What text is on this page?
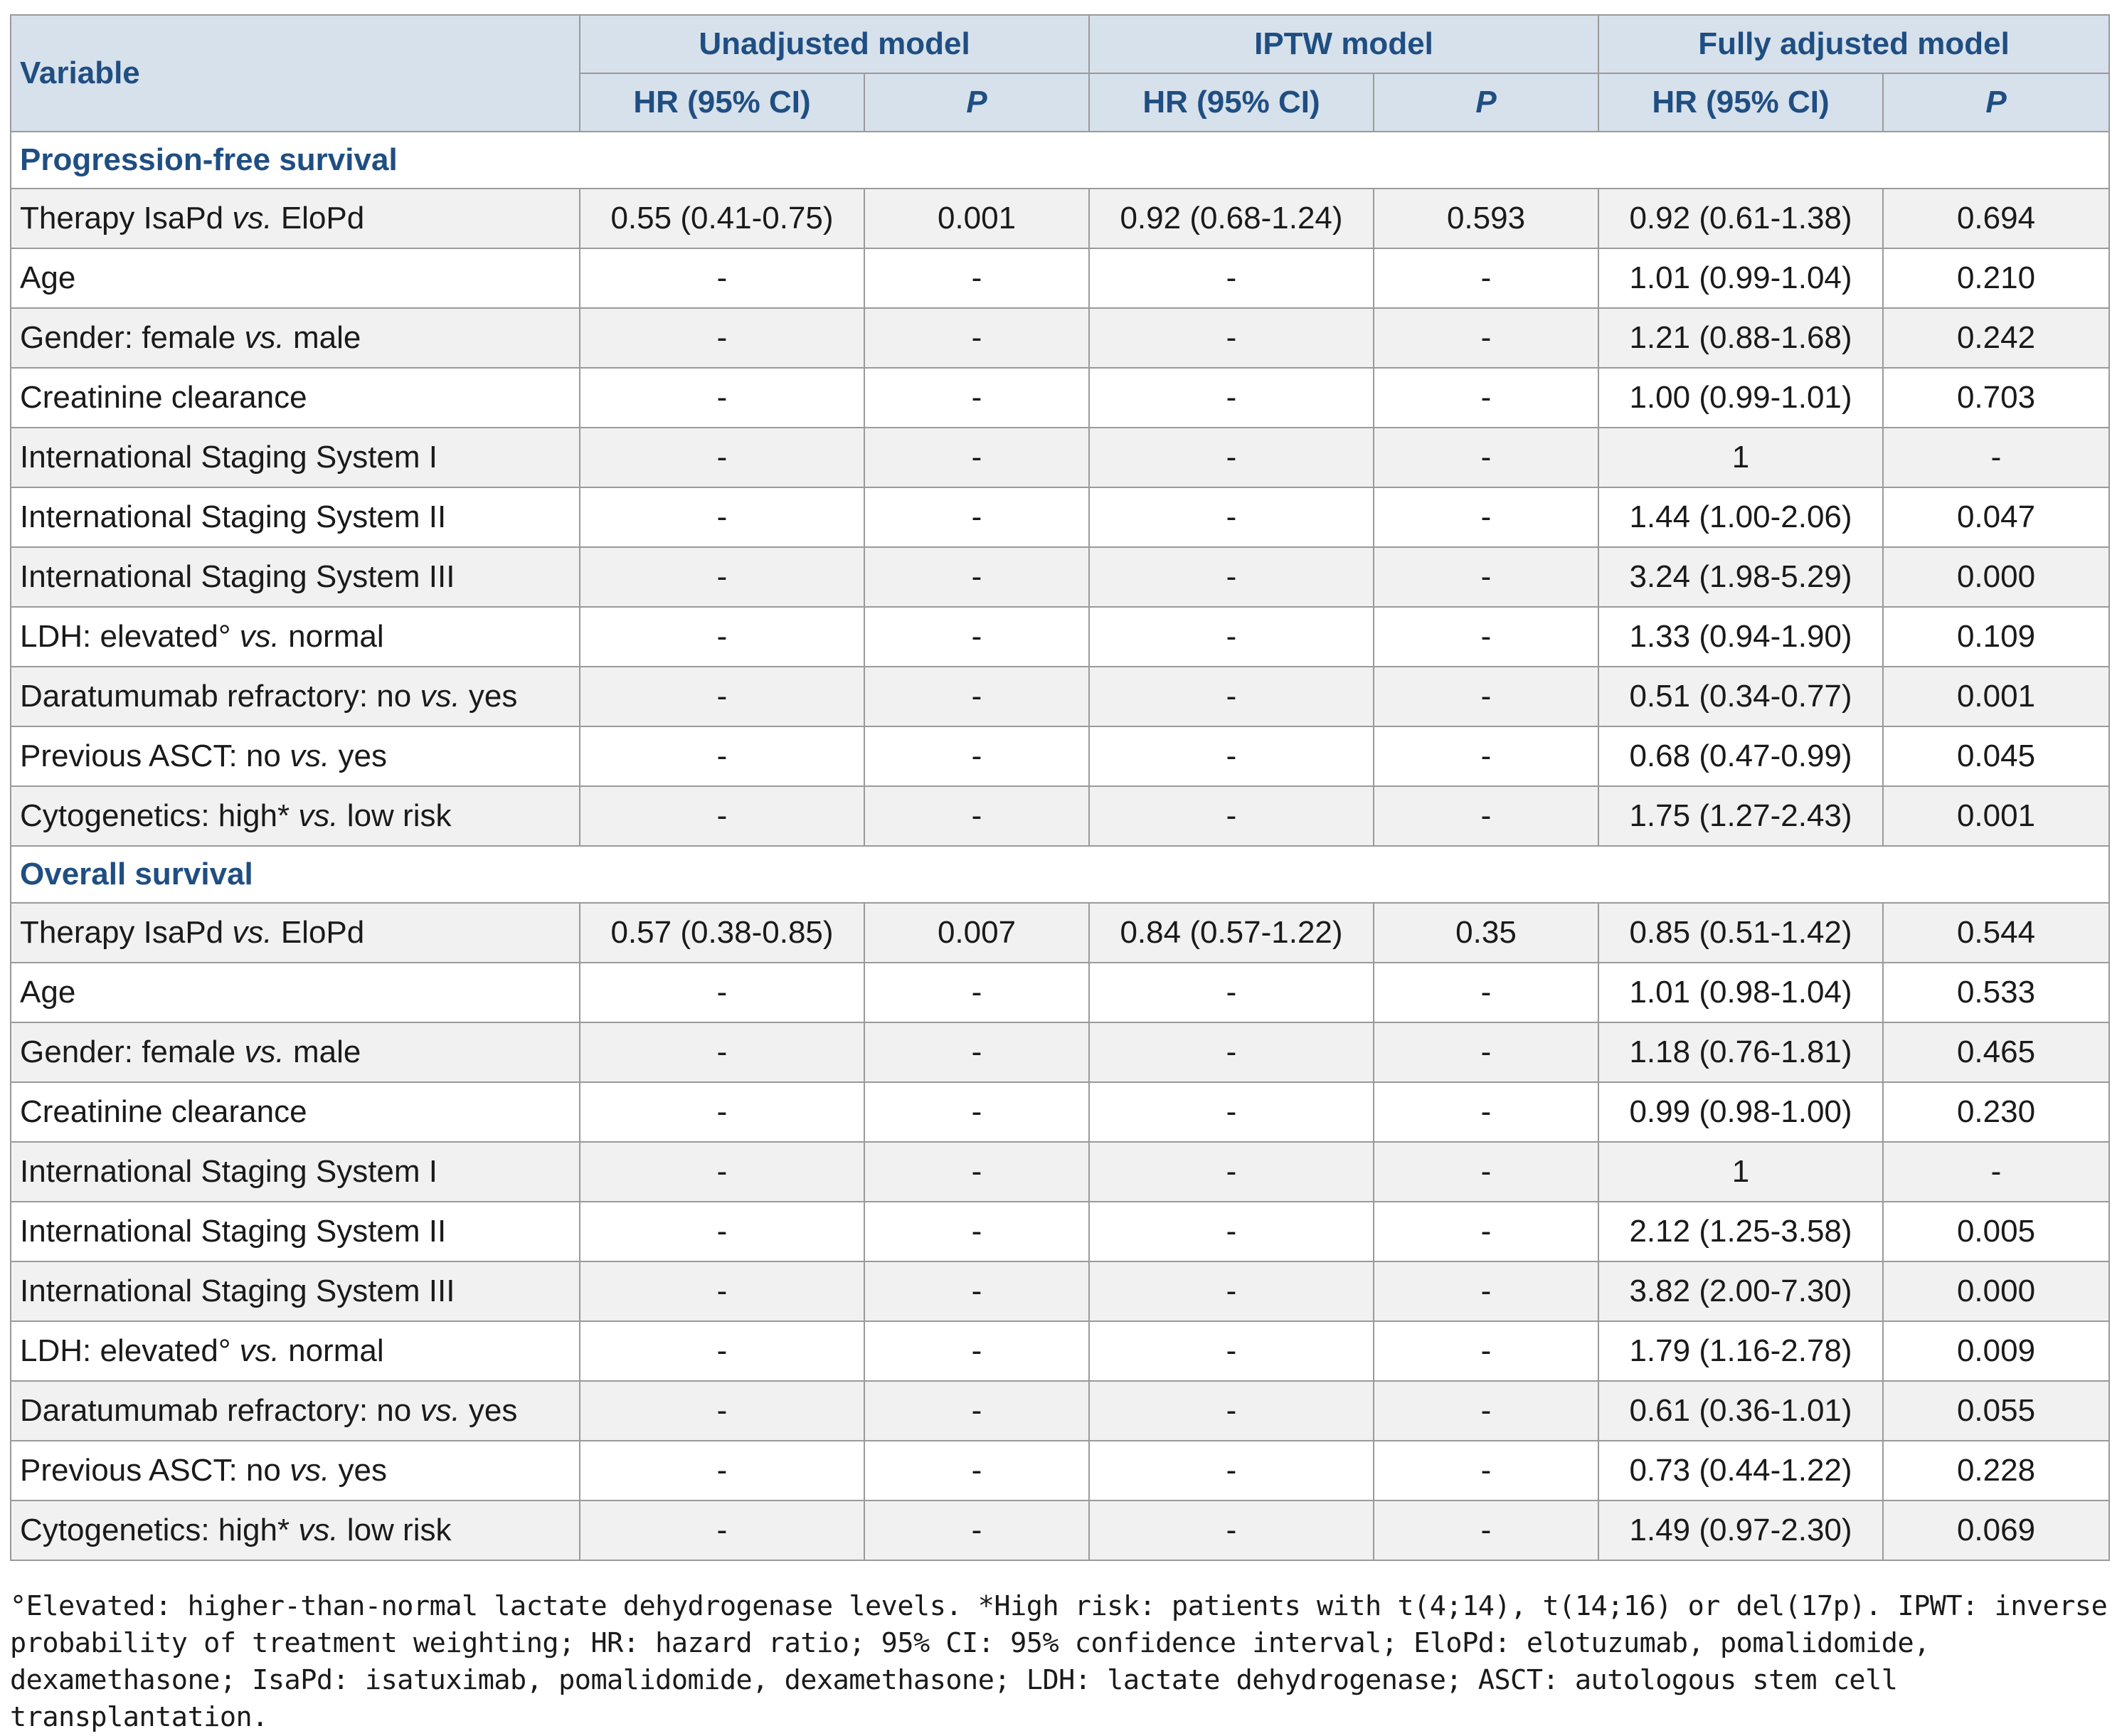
Variable	Unadjusted model		IPTW model		Fully adjusted model	
	HR (95% CI)	P	HR (95% CI)	P	HR (95% CI)	P
Progression-free survival						
Therapy IsaPd vs. EloPd	0.55 (0.41-0.75)	0.001	0.92 (0.68-1.24)	0.593	0.92 (0.61-1.38)	0.694
Age	-	-	-	-	1.01 (0.99-1.04)	0.210
Gender: female vs. male	-	-	-	-	1.21 (0.88-1.68)	0.242
Creatinine clearance	-	-	-	-	1.00 (0.99-1.01)	0.703
International Staging System I	-	-	-	-	1	-
International Staging System II	-	-	-	-	1.44 (1.00-2.06)	0.047
International Staging System III	-	-	-	-	3.24 (1.98-5.29)	0.000
LDH: elevated° vs. normal	-	-	-	-	1.33 (0.94-1.90)	0.109
Daratumumab refractory: no vs. yes	-	-	-	-	0.51 (0.34-0.77)	0.001
Previous ASCT: no vs. yes	-	-	-	-	0.68 (0.47-0.99)	0.045
Cytogenetics: high* vs. low risk	-	-	-	-	1.75 (1.27-2.43)	0.001
Overall survival						
Therapy IsaPd vs. EloPd	0.57 (0.38-0.85)	0.007	0.84 (0.57-1.22)	0.35	0.85 (0.51-1.42)	0.544
Age	-	-	-	-	1.01 (0.98-1.04)	0.533
Gender: female vs. male	-	-	-	-	1.18 (0.76-1.81)	0.465
Creatinine clearance	-	-	-	-	0.99 (0.98-1.00)	0.230
International Staging System I	-	-	-	-	1	-
International Staging System II	-	-	-	-	2.12 (1.25-3.58)	0.005
International Staging System III	-	-	-	-	3.82 (2.00-7.30)	0.000
LDH: elevated° vs. normal	-	-	-	-	1.79 (1.16-2.78)	0.009
Daratumumab refractory: no vs. yes	-	-	-	-	0.61 (0.36-1.01)	0.055
Previous ASCT: no vs. yes	-	-	-	-	0.73 (0.44-1.22)	0.228
Cytogenetics: high* vs. low risk	-	-	-	-	1.49 (0.97-2.30)	0.069
°Elevated: higher-than-normal lactate dehydrogenase levels. *High risk: patients with t(4;14), t(14;16) or del(17p). IPWT: inverse probability of treatment weighting; HR: hazard ratio; 95% CI: 95% confidence interval; EloPd: elotuzumab, pomalidomide, dexamethasone; IsaPd: isatuximab, pomalidomide, dexamethasone; LDH: lactate dehydrogenase; ASCT: autologous stem cell transplantation.
